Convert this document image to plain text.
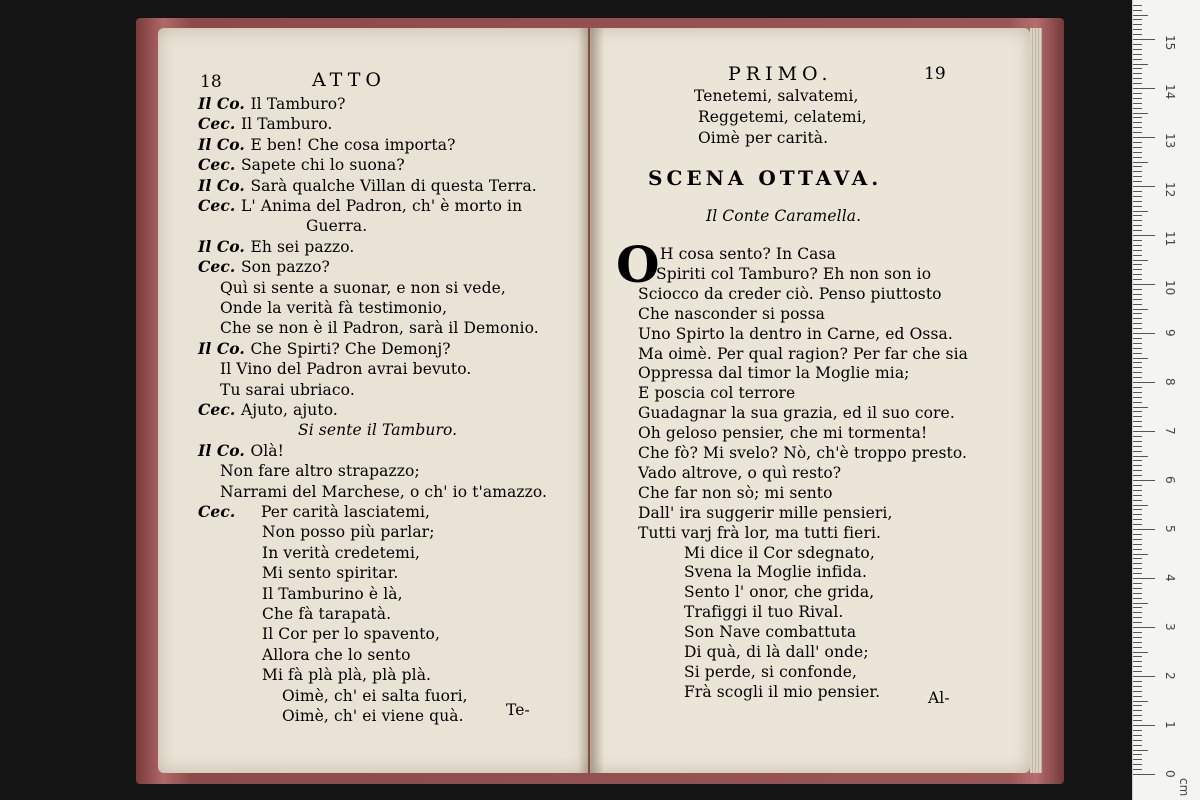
18	ATTO
Il Co. Il Tamburo?
Cec. Il Tamburo.
Il Co. E ben! Che cosa importa?
Cec. Sapete chi lo suona?
Il Co. Sarà qualche Villan di questa Terra.
Cec. L' Anima del Padron, ch' è morto in
Guerra.
Il Co. Eh sei pazzo.
Cec. Son pazzo?
Quì si sente a suonar, e non si vede,
Onde la verità fà testimonio,
Che se non è il Padron, sarà il Demonio.
Il Co. Che Spirti? Che Demonj?
Il Vino del Padron avrai bevuto.
Tu sarai ubriaco.
Cec. Ajuto, ajuto.
Si sente il Tamburo.
Il Co. Olà!
Non fare altro strapazzo;
Narrami del Marchese, o ch' io t'amazzo.
Cec. Per carità lasciatemi,
Non posso più parlar;
In verità credetemi,
Mi sento spiritar.
Il Tamburino è là,
Che fà tarapatà.
Il Cor per lo spavento,
Allora che lo sento
Mi fà plà plà, plà plà.
Oimè, ch' ei salta fuori,
Oimè, ch' ei viene quà.	Te-
PRIMO.	19
Tenetemi, salvatemi,
Reggetemi, celatemi,
Oimè per carità.
SCENA OTTAVA.
Il Conte Caramella.
O H cosa sento? In Casa
Spiriti col Tamburo? Eh non son io
Sciocco da creder ciò. Penso piuttosto
Che nasconder si possa
Uno Spirto la dentro in Carne, ed Ossa.
Ma oimè. Per qual ragion? Per far che sia
Oppressa dal timor la Moglie mia;
E poscia col terrore
Guadagnar la sua grazia, ed il suo core.
Oh geloso pensier, che mi tormenta!
Che fò? Mi svelo? Nò, ch'è troppo presto.
Vado altrove, o quì resto?
Che far non sò; mi sento
Dall' ira suggerir mille pensieri,
Tutti varj frà lor, ma tutti fieri.
Mi dice il Cor sdegnato,
Svena la Moglie infida.
Sento l' onor, che grida,
Trafiggi il tuo Rival.
Son Nave combattuta
Di quà, di là dall' onde;
Si perde, si confonde,
Frà scogli il mio pensier.	Al-
0
1
2
3
4
5
6
7
8
9
10
11
12
13
14
15
cm
